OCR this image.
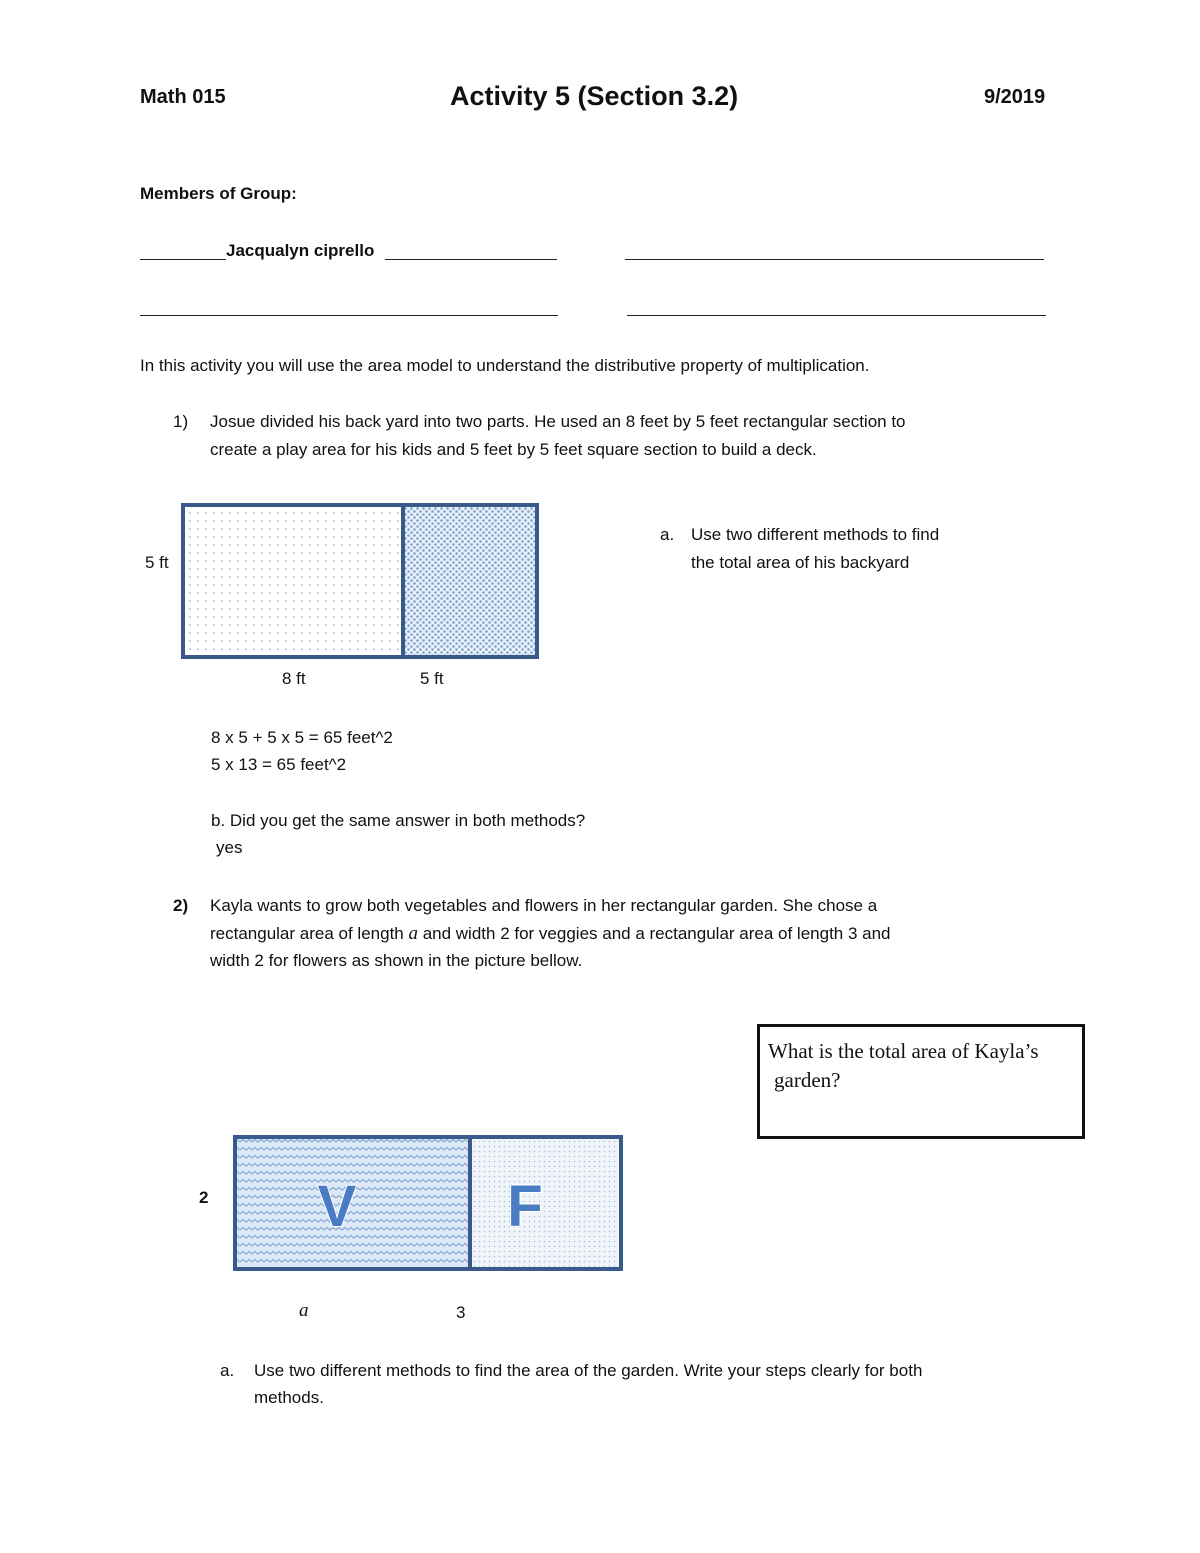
Math 015	Activity 5 (Section 3.2)	9/2019
Members of Group:
Jacqualyn ciprello
In this activity you will use the area model to understand the distributive property of multiplication.
1) Josue divided his back yard into two parts. He used an 8 feet by 5 feet rectangular section to
create a play area for his kids and 5 feet by 5 feet square section to build a deck.
5 ft
8 ft	5 ft
a. Use two different methods to find
the total area of his backyard
8 x 5 + 5 x 5 = 65 feet^2
5 x 13 = 65 feet^2
b. Did you get the same answer in both methods?
yes
2) Kayla wants to grow both vegetables and flowers in her rectangular garden. She chose a
rectangular area of length a and width 2 for veggies and a rectangular area of length 3 and
width 2 for flowers as shown in the picture bellow.
What is the total area of Kayla’s
garden?
V	F
2
a	3
a. Use two different methods to find the area of the garden. Write your steps clearly for both
methods.
